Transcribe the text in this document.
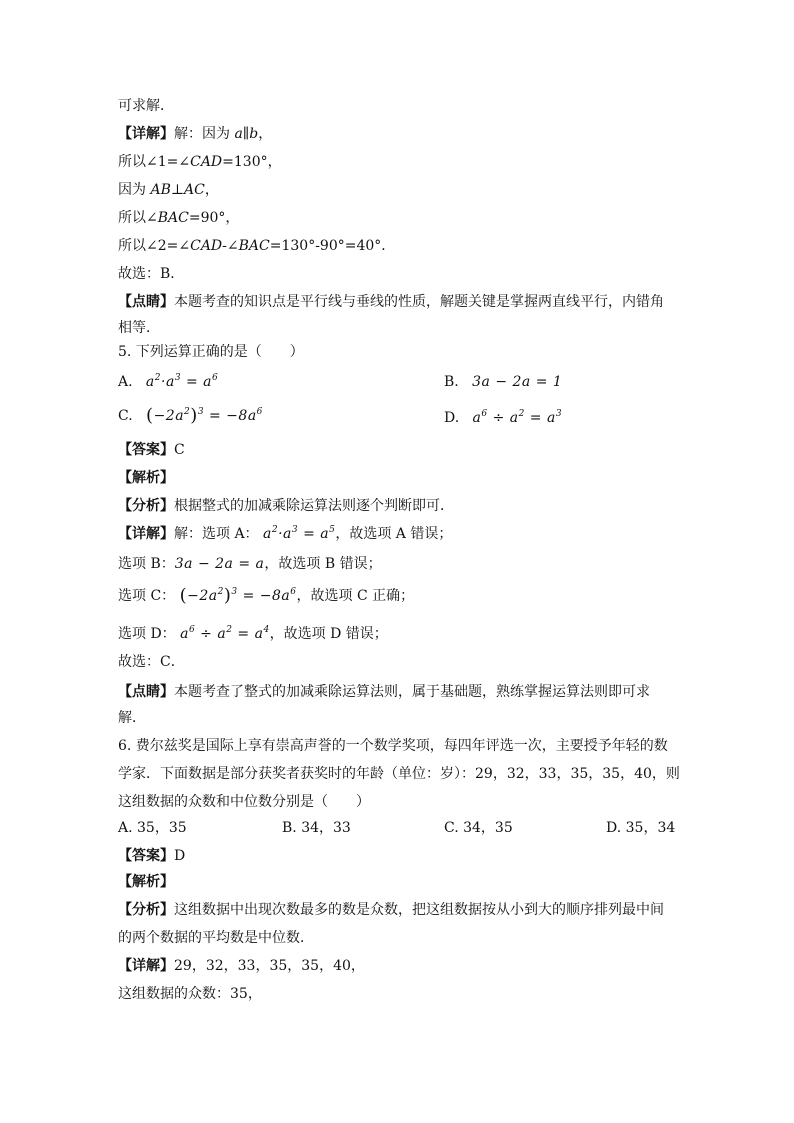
可求解．
【详解】解：因为 a∥b，
所以∠1=∠CAD=130°，
因为 AB⊥AC，
所以∠BAC=90°，
所以∠2=∠CAD-∠BAC=130°-90°=40°．
故选：B．
【点睛】本题考查的知识点是平行线与垂线的性质，解题关键是掌握两直线平行，内错角
相等．
5. 下列运算正确的是（　　）
A. $a^2\cdot a^3 = a^6$	B. 3a − 2a = 1
C. $(-2a^2)^3 = -8a^6$	D. $a^6 \div a^2 = a^3$
【答案】C
【解析】
【分析】根据整式的加减乘除运算法则逐个判断即可．
【详解】解：选项 A： $a^2\cdot a^3 = a^5$，故选项 A 错误；
选项 B：3a − 2a = a，故选项 B 错误；
选项 C： $(-2a^2)^3 = -8a^6$，故选项 C 正确；
选项 D： $a^6 \div a^2 = a^4$，故选项 D 错误；
故选：C．
【点睛】本题考查了整式的加减乘除运算法则，属于基础题，熟练掌握运算法则即可求
解．
6. 费尔兹奖是国际上享有崇高声誉的一个数学奖项，每四年评选一次，主要授予年轻的数
学家．下面数据是部分获奖者获奖时的年龄（单位：岁）：29，32，33，35，35，40，则
这组数据的众数和中位数分别是（　　）
A. 35，35	B. 34，33	C. 34，35	D. 35，34
【答案】D
【解析】
【分析】这组数据中出现次数最多的数是众数，把这组数据按从小到大的顺序排列最中间
的两个数据的平均数是中位数．
【详解】29，32，33，35，35，40，
这组数据的众数：35，
